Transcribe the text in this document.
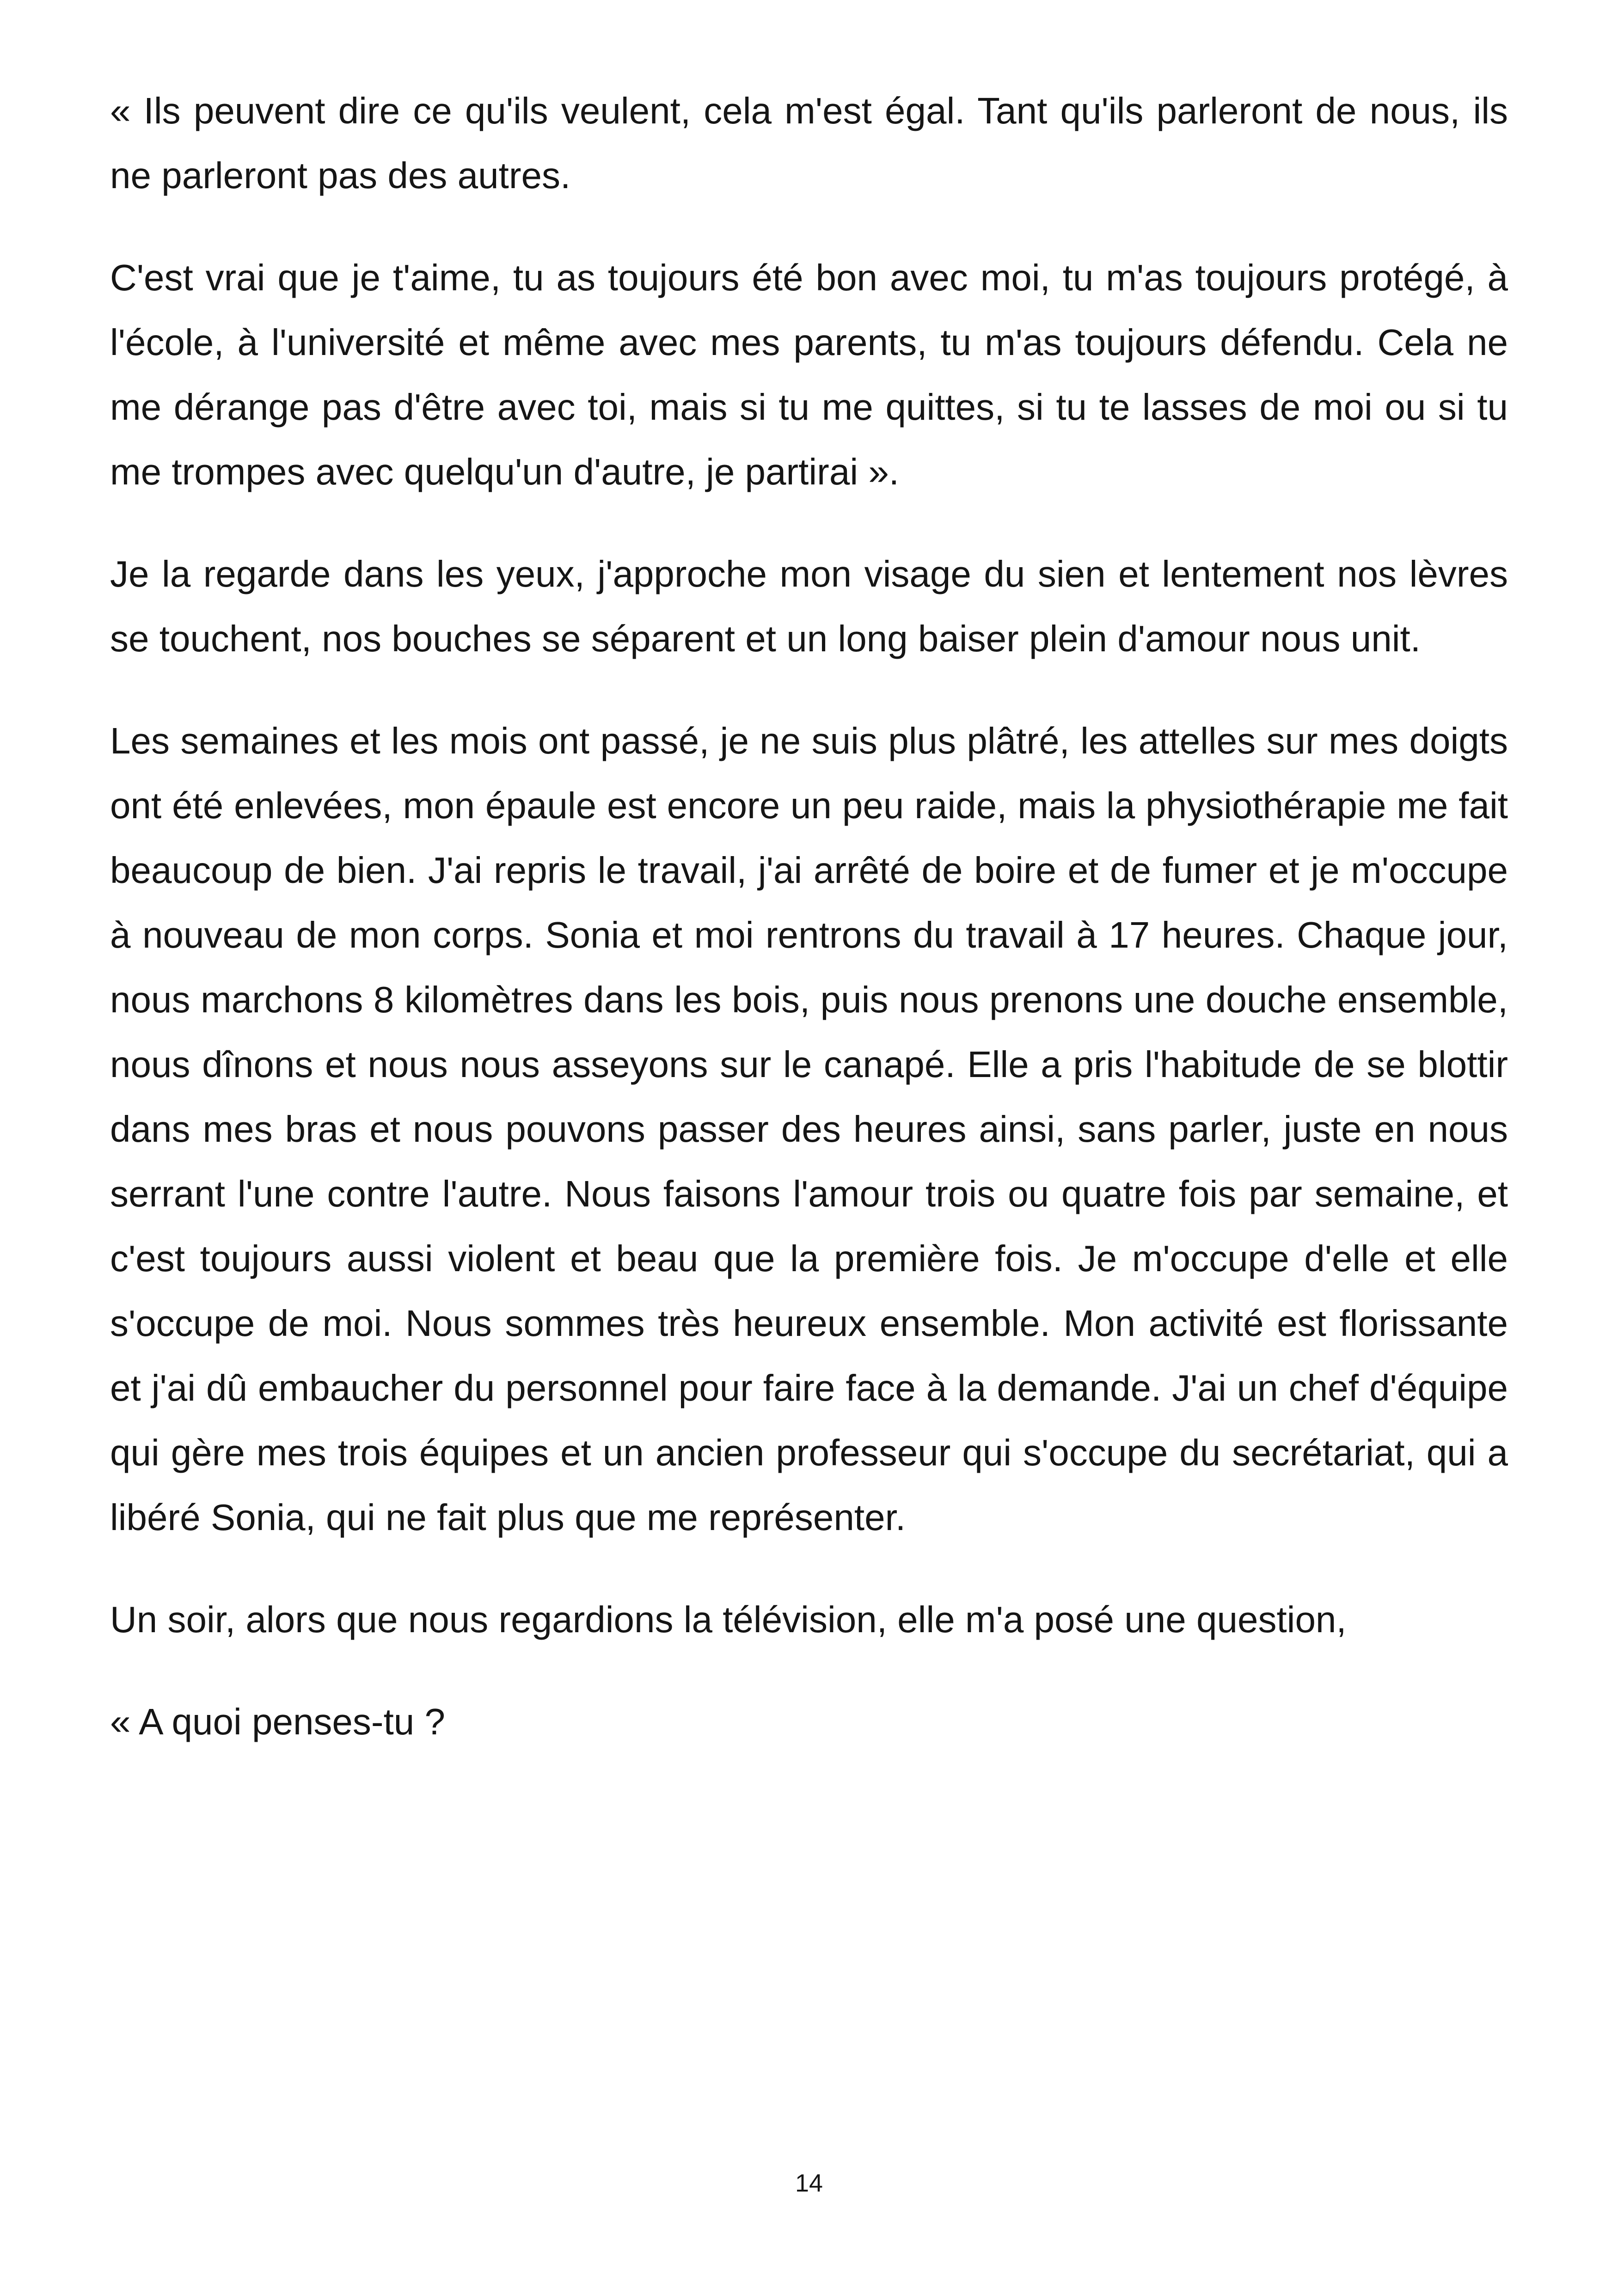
« Ils peuvent dire ce qu'ils veulent, cela m'est égal. Tant qu'ils parleront de nous, ils ne parleront pas des autres.

C'est vrai que je t'aime, tu as toujours été bon avec moi, tu m'as toujours protégé, à l'école, à l'université et même avec mes parents, tu m'as toujours défendu. Cela ne me dérange pas d'être avec toi, mais si tu me quittes, si tu te lasses de moi ou si tu me trompes avec quelqu'un d'autre, je partirai ».

Je la regarde dans les yeux, j'approche mon visage du sien et lentement nos lèvres se touchent, nos bouches se séparent et un long baiser plein d'amour nous unit.

Les semaines et les mois ont passé, je ne suis plus plâtré, les attelles sur mes doigts ont été enlevées, mon épaule est encore un peu raide, mais la physiothérapie me fait beaucoup de bien. J'ai repris le travail, j'ai arrêté de boire et de fumer et je m'occupe à nouveau de mon corps. Sonia et moi rentrons du travail à 17 heures. Chaque jour, nous marchons 8 kilomètres dans les bois, puis nous prenons une douche ensemble, nous dînons et nous nous asseyons sur le canapé. Elle a pris l'habitude de se blottir dans mes bras et nous pouvons passer des heures ainsi, sans parler, juste en nous serrant l'une contre l'autre. Nous faisons l'amour trois ou quatre fois par semaine, et c'est toujours aussi violent et beau que la première fois. Je m'occupe d'elle et elle s'occupe de moi. Nous sommes très heureux ensemble. Mon activité est florissante et j'ai dû embaucher du personnel pour faire face à la demande. J'ai un chef d'équipe qui gère mes trois équipes et un ancien professeur qui s'occupe du secrétariat, qui a libéré Sonia, qui ne fait plus que me représenter.

Un soir, alors que nous regardions la télévision, elle m'a posé une question,

« A quoi penses-tu ?

14
